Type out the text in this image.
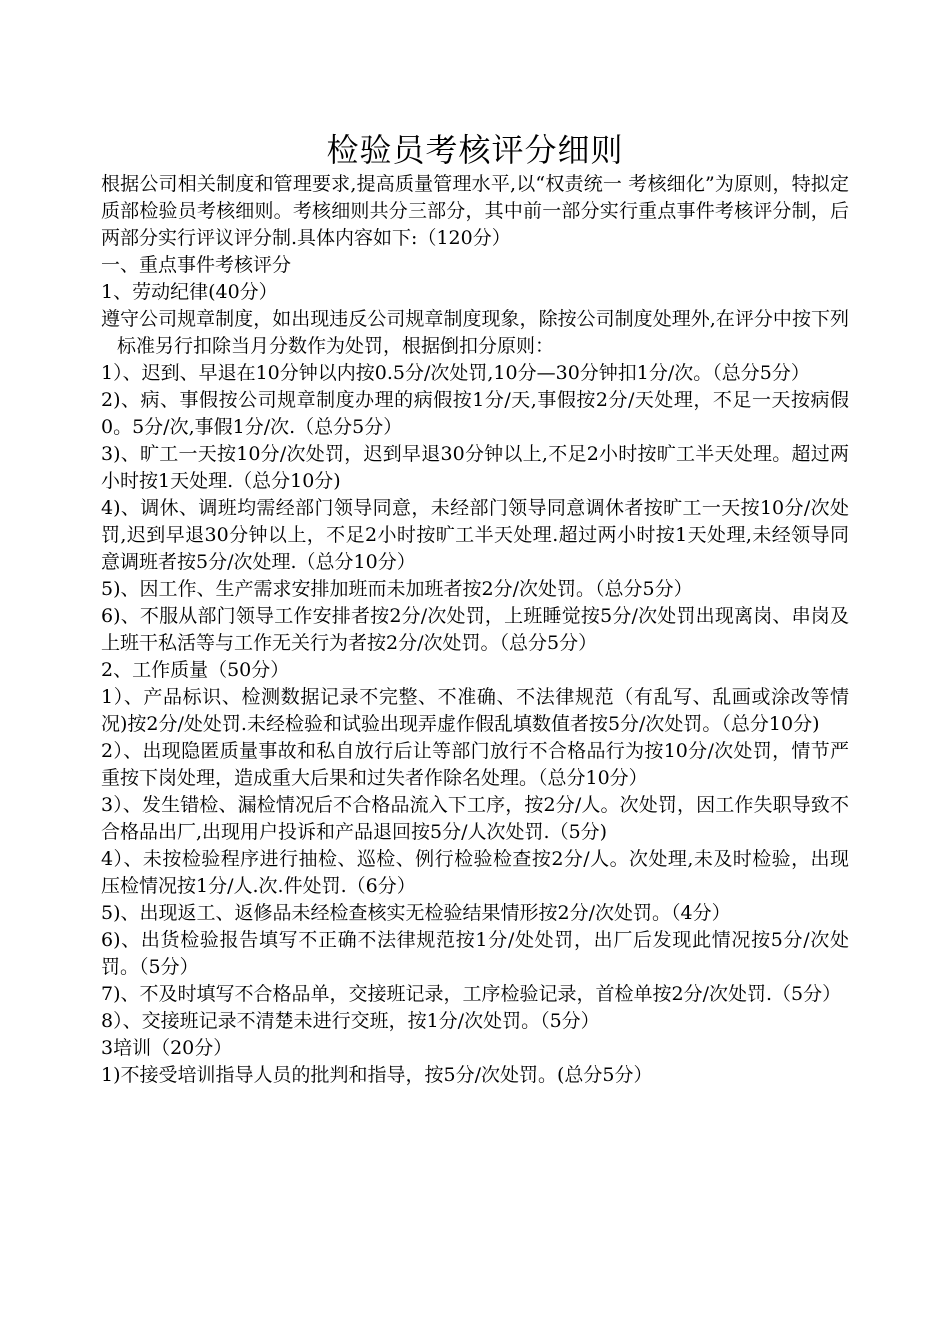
检验员考核评分细则

根据公司相关制度和管理要求,提高质量管理水平,以“权责统一 考核细化”为原则，特拟定质部检验员考核细则。考核细则共分三部分，其中前一部分实行重点事件考核评分制，后两部分实行评议评分制.具体内容如下:（120分）

一、重点事件考核评分

1、劳动纪律(40分）

遵守公司规章制度，如出现违反公司规章制度现象，除按公司制度处理外,在评分中按下列标准另行扣除当月分数作为处罚，根据倒扣分原则：

1）、迟到、早退在10分钟以内按0.5分/次处罚,10分—30分钟扣1分/次。（总分5分）

2)、病、事假按公司规章制度办理的病假按1分/天,事假按2分/天处理，不足一天按病假0。5分/次,事假1分/次.（总分5分）

3)、旷工一天按10分/次处罚，迟到早退30分钟以上,不足2小时按旷工半天处理。超过两小时按1天处理.（总分10分)

4)、调休、调班均需经部门领导同意，未经部门领导同意调休者按旷工一天按10分/次处罚,迟到早退30分钟以上，不足2小时按旷工半天处理.超过两小时按1天处理,未经领导同意调班者按5分/次处理.（总分10分）

5)、因工作、生产需求安排加班而未加班者按2分/次处罚。（总分5分）

6)、不服从部门领导工作安排者按2分/次处罚，上班睡觉按5分/次处罚出现离岗、串岗及上班干私活等与工作无关行为者按2分/次处罚。（总分5分）

2、工作质量（50分）

1）、产品标识、检测数据记录不完整、不准确、不法律规范（有乱写、乱画或涂改等情况)按2分/处处罚.未经检验和试验出现弄虚作假乱填数值者按5分/次处罚。（总分10分)

2）、出现隐匿质量事故和私自放行后让等部门放行不合格品行为按10分/次处罚，情节严重按下岗处理，造成重大后果和过失者作除名处理。（总分10分）

3）、发生错检、漏检情况后不合格品流入下工序，按2分/人。次处罚，因工作失职导致不合格品出厂,出现用户投诉和产品退回按5分/人次处罚.（5分)

4）、未按检验程序进行抽检、巡检、例行检验检查按2分/人。次处理,未及时检验，出现压检情况按1分/人.次.件处罚.（6分）

5)、出现返工、返修品未经检查核实无检验结果情形按2分/次处罚。（4分）

6)、出货检验报告填写不正确不法律规范按1分/处处罚，出厂后发现此情况按5分/次处罚。（5分）

7)、不及时填写不合格品单，交接班记录，工序检验记录，首检单按2分/次处罚.（5分）

8）、交接班记录不清楚未进行交班，按1分/次处罚。（5分）

3培训（20分）

1)不接受培训指导人员的批判和指导，按5分/次处罚。(总分5分）
